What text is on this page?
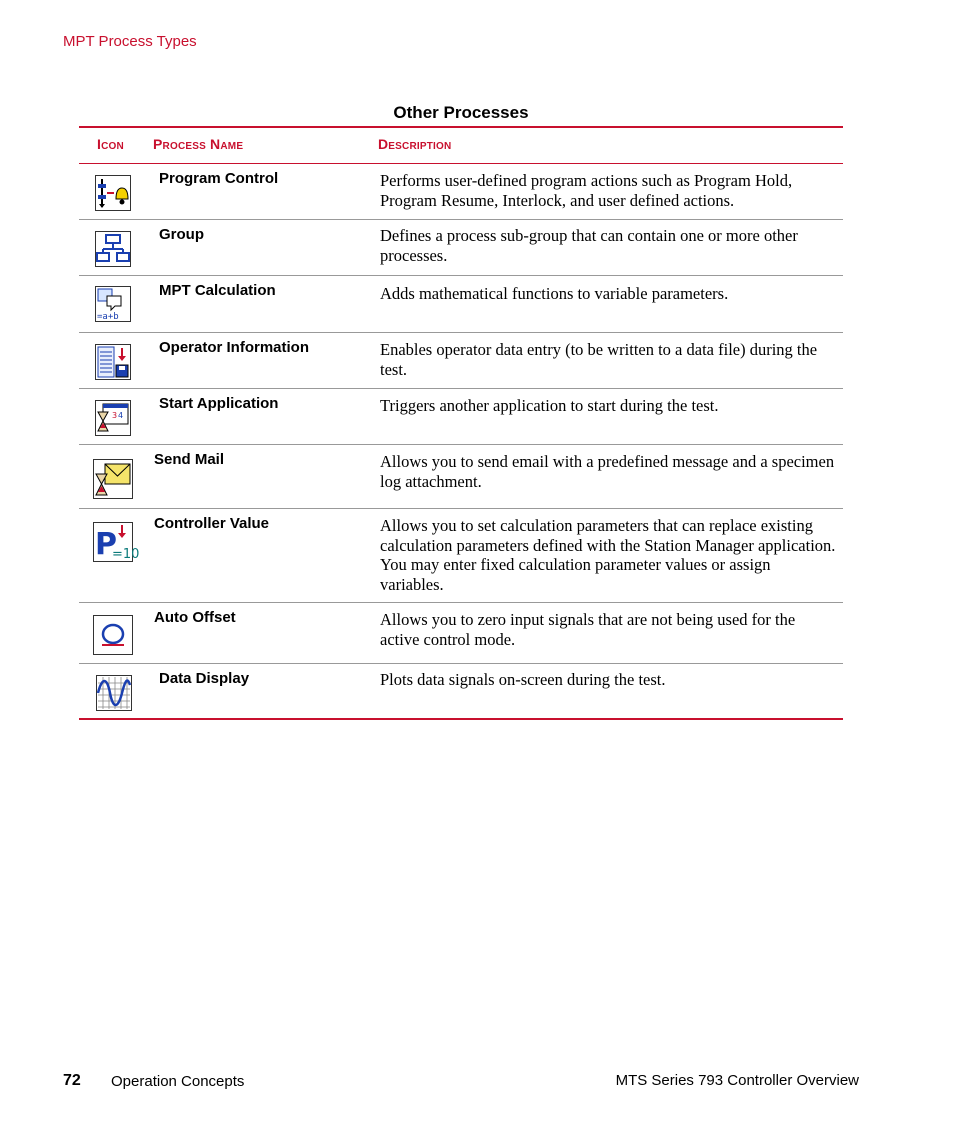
MPT Process Types
Other Processes
Icon Process Name	Description
Program Control	Performs user-defined program actions such as Program Hold, Program Resume, Interlock, and user defined actions.
Group	Defines a process sub-group that can contain one or more other processes.
=a+b
MPT Calculation	Adds mathematical functions to variable parameters.
Operator Information	Enables operator data entry (to be written to a data file) during the test.
3 4
Start Application	Triggers another application to start during the test.
Send Mail	Allows you to send email with a predefined message and a specimen log attachment.
P
=10
Controller Value	Allows you to set calculation parameters that can replace existing calculation parameters defined with the Station Manager application. You may enter fixed calculation parameter values or assign variables.
Auto Offset	Allows you to zero input signals that are not being used for the active control mode.
Data Display	Plots data signals on-screen during the test.
72 Operation Concepts	MTS Series 793 Controller Overview
